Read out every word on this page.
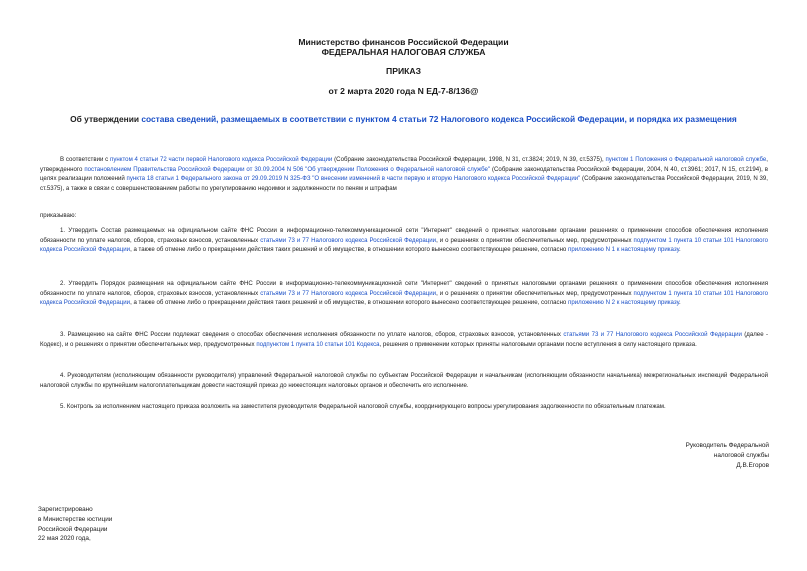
Министерство финансов Российской Федерации
ФЕДЕРАЛЬНАЯ НАЛОГОВАЯ СЛУЖБА
ПРИКАЗ
от 2 марта 2020 года N ЕД-7-8/136@
Об утверждении состава сведений, размещаемых в соответствии с пунктом 4 статьи 72 Налогового кодекса Российской Федерации, и порядка их размещения
В соответствии с пунктом 4 статьи 72 части первой Налогового кодекса Российской Федерации (Собрание законодательства Российской Федерации, 1998, N 31, ст.3824; 2019, N 39, ст.5375), пунктом 1 Положения о Федеральной налоговой службе, утвержденного постановлением Правительства Российской Федерации от 30.09.2004 N 506 "Об утверждении Положения о Федеральной налоговой службе" (Собрание законодательства Российской Федерации, 2004, N 40, ст.3961; 2017, N 15, ст.2194), в целях реализации положений пункта 18 статьи 1 Федерального закона от 29.09.2019 N 325-ФЗ "О внесении изменений в части первую и вторую Налогового кодекса Российской Федерации" (Собрание законодательства Российской Федерации, 2019, N 39, ст.5375), а также в связи с совершенствованием работы по урегулированию недоимки и задолженности по пеням и штрафам
приказываю:
1. Утвердить Состав размещаемых на официальном сайте ФНС России в информационно-телекоммуникационной сети "Интернет" сведений о принятых налоговыми органами решениях о применении способов обеспечения исполнения обязанности по уплате налогов, сборов, страховых взносов, установленных статьями 73 и 77 Налогового кодекса Российской Федерации, и о решениях о принятии обеспечительных мер, предусмотренных подпунктом 1 пункта 10 статьи 101 Налогового кодекса Российской Федерации, а также об отмене либо о прекращении действия таких решений и об имуществе, в отношении которого вынесено соответствующее решение, согласно приложению N 1 к настоящему приказу.
2. Утвердить Порядок размещения на официальном сайте ФНС России в информационно-телекоммуникационной сети "Интернет" сведений о принятых налоговыми органами решениях о применении способов обеспечения исполнения обязанности по уплате налогов, сборов, страховых взносов, установленных статьями 73 и 77 Налогового кодекса Российской Федерации, и о решениях о принятии обеспечительных мер, предусмотренных подпунктом 1 пункта 10 статьи 101 Налогового кодекса Российской Федерации, а также об отмене либо о прекращении действия таких решений и об имуществе, в отношении которого вынесено соответствующее решение, согласно приложению N 2 к настоящему приказу.
3. Размещению на сайте ФНС России подлежат сведения о способах обеспечения исполнения обязанности по уплате налогов, сборов, страховых взносов, установленных статьями 73 и 77 Налогового кодекса Российской Федерации (далее - Кодекс), и о решениях о принятии обеспечительных мер, предусмотренных подпунктом 1 пункта 10 статьи 101 Кодекса, решения о применении которых приняты налоговыми органами после вступления в силу настоящего приказа.
4. Руководителям (исполняющим обязанности руководителя) управлений Федеральной налоговой службы по субъектам Российской Федерации и начальникам (исполняющим обязанности начальника) межрегиональных инспекций Федеральной налоговой службы по крупнейшим налогоплательщикам довести настоящий приказ до нижестоящих налоговых органов и обеспечить его исполнение.
5. Контроль за исполнением настоящего приказа возложить на заместителя руководителя Федеральной налоговой службы, координирующего вопросы урегулирования задолженности по обязательным платежам.
Руководитель Федеральной
налоговой службы
Д.В.Егоров
Зарегистрировано
в Министерстве юстиции
Российской Федерации
22 мая 2020 года,
